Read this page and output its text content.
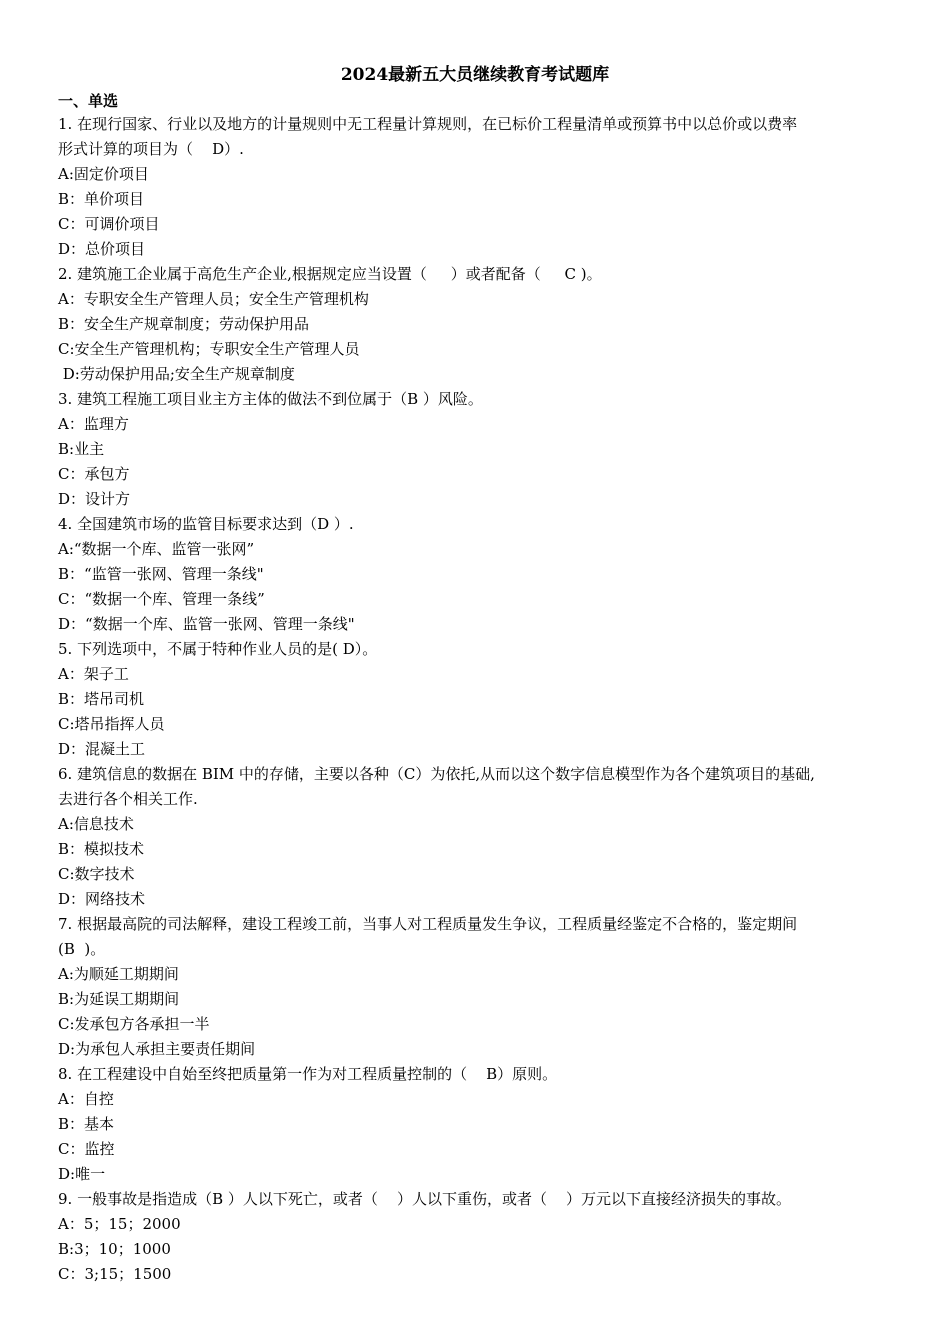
2024最新五大员继续教育考试题库
一、单选
1. 在现行国家、行业以及地方的计量规则中无工程量计算规则，在已标价工程量清单或预算书中以总价或以费率
形式计算的项目为（    D）.
A:固定价项目
B：单价项目
C：可调价项目
D：总价项目
2. 建筑施工企业属于高危生产企业,根据规定应当设置（     ）或者配备（     C )。
A：专职安全生产管理人员；安全生产管理机构
B：安全生产规章制度；劳动保护用品
C:安全生产管理机构；专职安全生产管理人员
D:劳动保护用品;安全生产规章制度
3. 建筑工程施工项目业主方主体的做法不到位属于（B ）风险。
A：监理方
B:业主
C：承包方
D：设计方
4. 全国建筑市场的监管目标要求达到（D ）.
A:“数据一个库、监管一张网”
B：“监管一张网、管理一条线"
C：“数据一个库、管理一条线”
D：“数据一个库、监管一张网、管理一条线"
5. 下列选项中，不属于特种作业人员的是( D）。
A：架子工
B：塔吊司机
C:塔吊指挥人员
D：混凝土工
6. 建筑信息的数据在 BIM 中的存储，主要以各种（C）为依托,从而以这个数字信息模型作为各个建筑项目的基础,
去进行各个相关工作.
A:信息技术
B：模拟技术
C:数字技术
D：网络技术
7. 根据最高院的司法解释，建设工程竣工前，当事人对工程质量发生争议，工程质量经鉴定不合格的，鉴定期间
(B  )。
A:为顺延工期期间
B:为延误工期期间
C:发承包方各承担一半
D:为承包人承担主要责任期间
8. 在工程建设中自始至终把质量第一作为对工程质量控制的（    B）原则。
A：自控
B：基本
C：监控
D:唯一
9. 一般事故是指造成（B ）人以下死亡，或者（    ）人以下重伤，或者（    ）万元以下直接经济损失的事故。
A：5；15；2000
B:3；10；1000
C：3;15；1500
